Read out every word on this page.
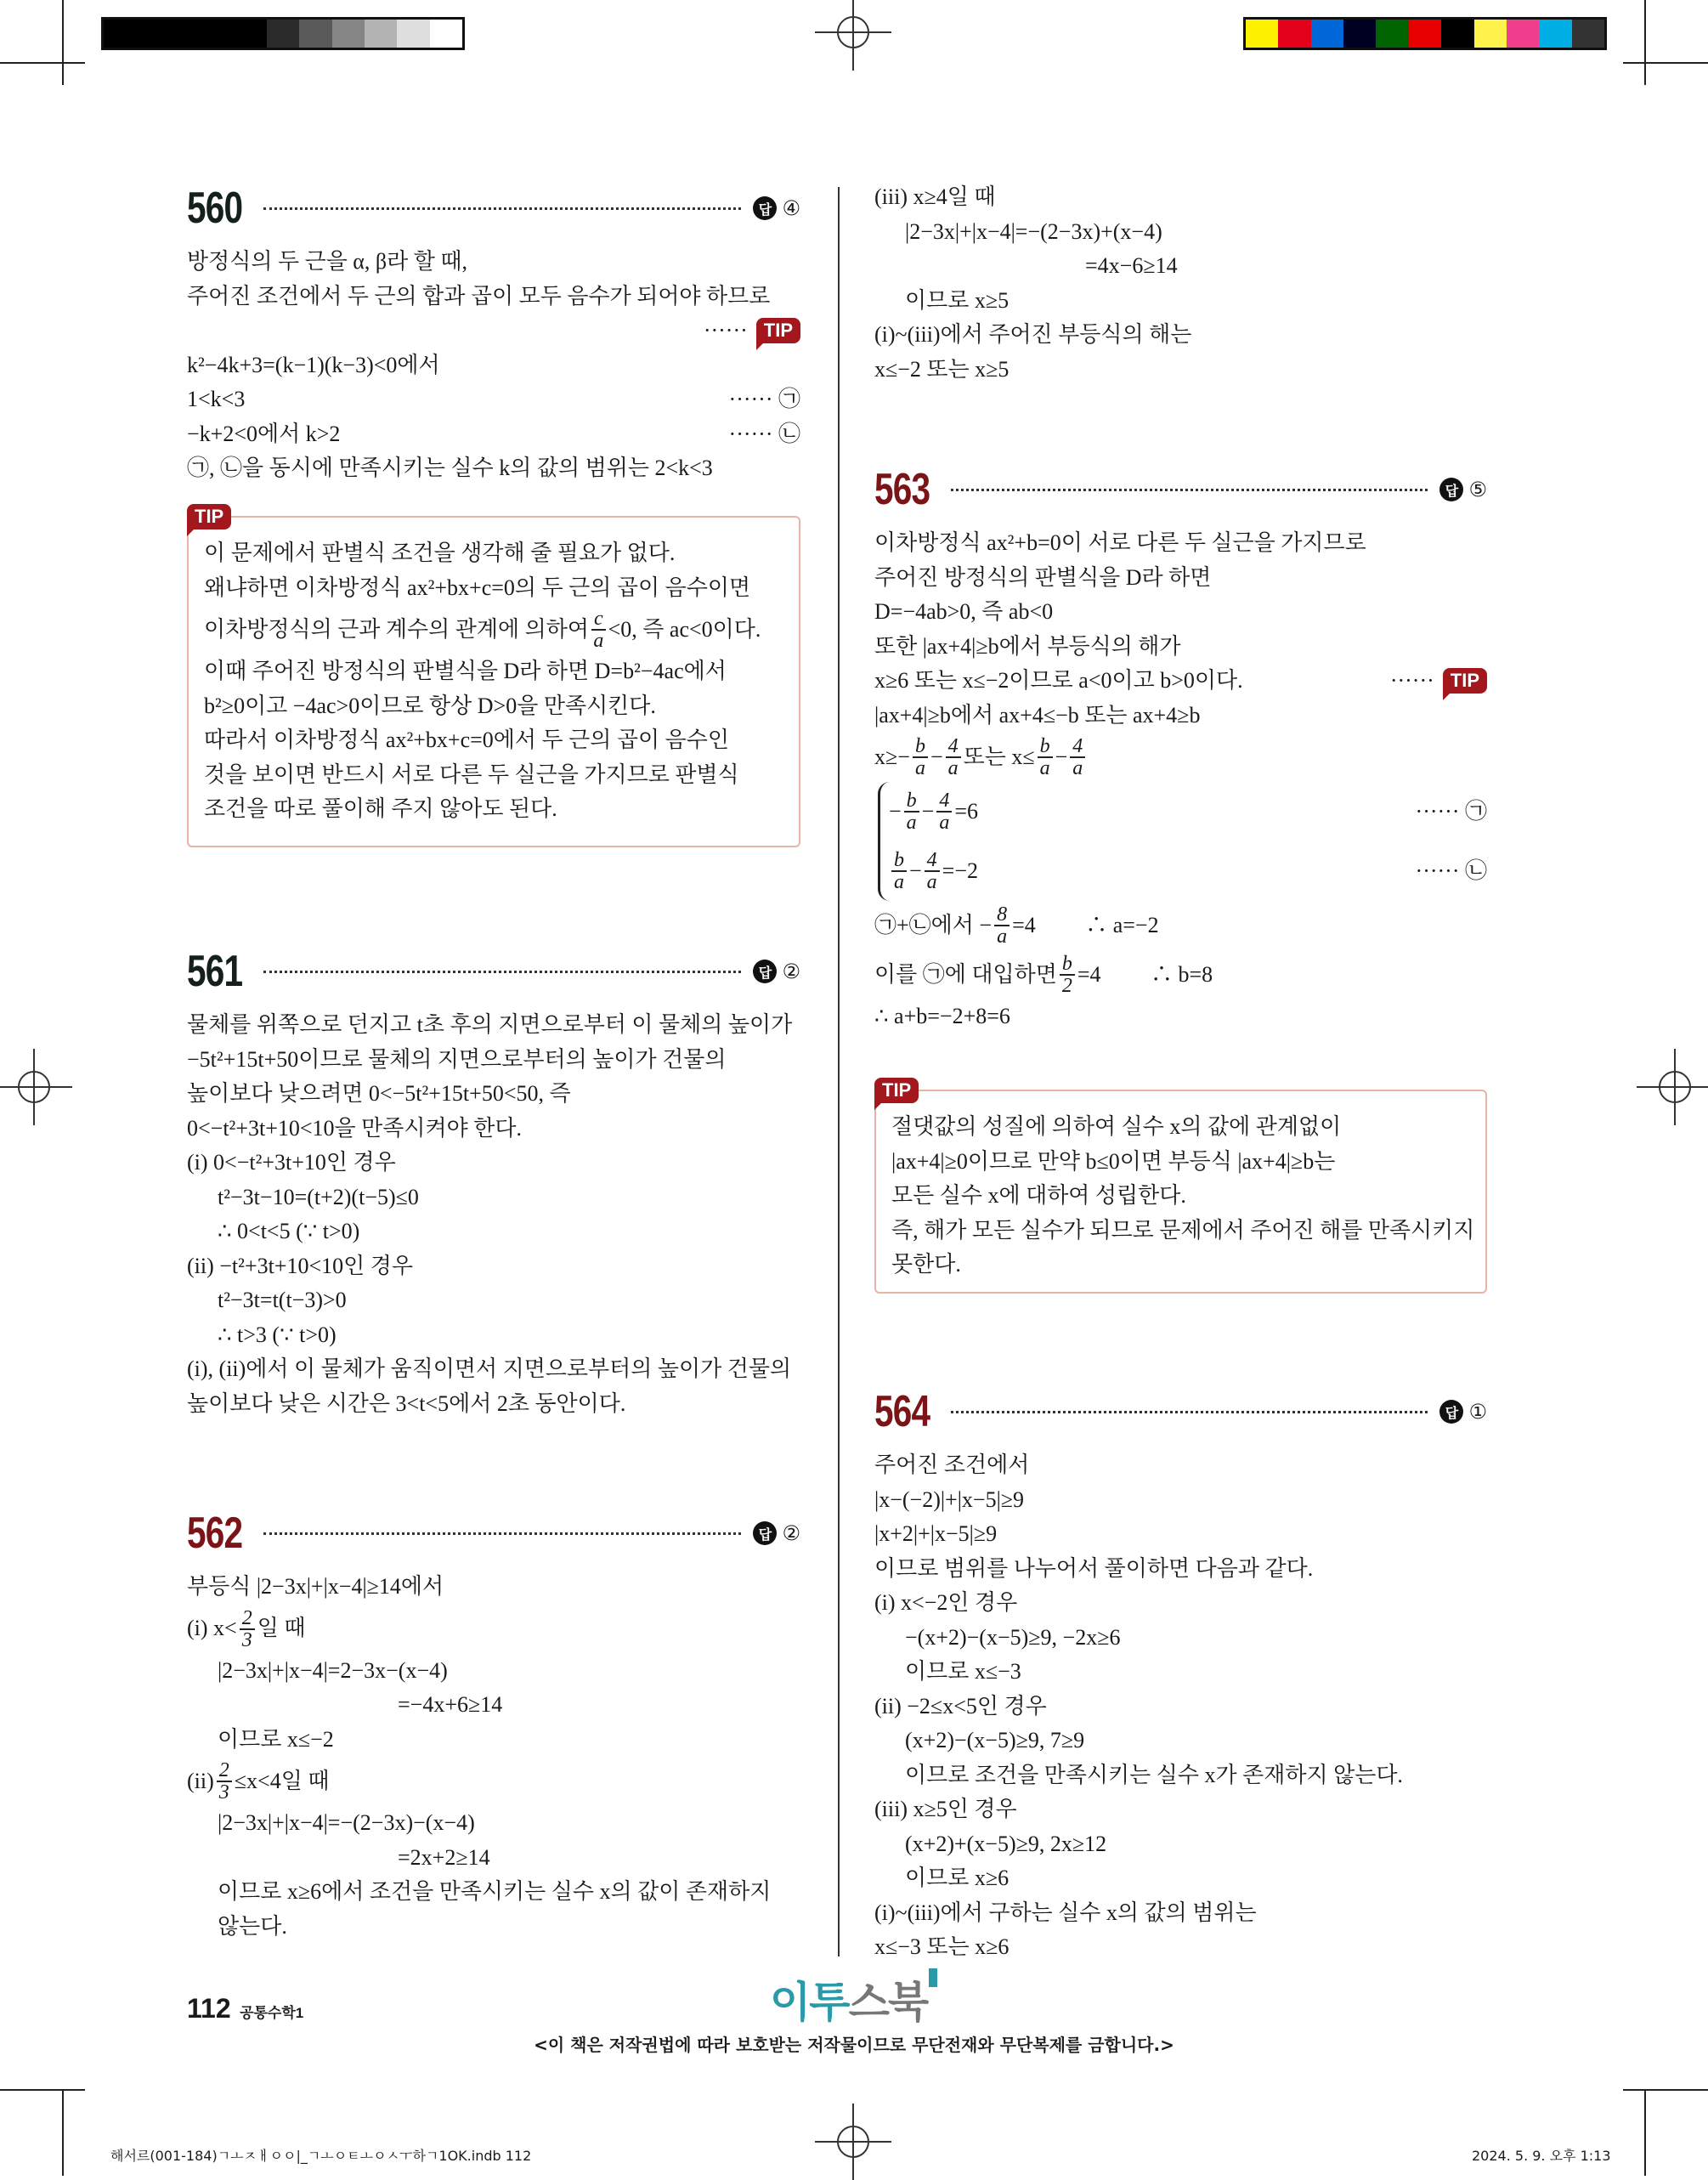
560	답 ④
방정식의 두 근을 α, β라 할 때,
주어진 조건에서 두 근의 합과 곱이 모두 음수가 되어야 하므로
······ TIP
k²−4k+3=(k−1)(k−3)<0에서
1<k<3	······ ㉠
−k+2<0에서 k>2	······ ㉡
㉠, ㉡을 동시에 만족시키는 실수 k의 값의 범위는 2<k<3
TIP
이 문제에서 판별식 조건을 생각해 줄 필요가 없다.
왜냐하면 이차방정식 ax²+bx+c=0의 두 근의 곱이 음수이면
이차방정식의 근과 계수의 관계에 의하여 $\frac{c}{a} <0$, 즉 ac<0이다.
이때 주어진 방정식의 판별식을 D라 하면 D=b²−4ac에서
b²≥0이고 −4ac>0이므로 항상 D>0을 만족시킨다.
따라서 이차방정식 ax²+bx+c=0에서 두 근의 곱이 음수인
것을 보이면 반드시 서로 다른 두 실근을 가지므로 판별식
조건을 따로 풀이해 주지 않아도 된다.
561	답 ②
물체를 위쪽으로 던지고 t초 후의 지면으로부터 이 물체의 높이가
−5t²+15t+50이므로 물체의 지면으로부터의 높이가 건물의
높이보다 낮으려면 0<−5t²+15t+50<50, 즉
0<−t²+3t+10<10을 만족시켜야 한다.
(i) 0<−t²+3t+10인 경우
t²−3t−10=(t+2)(t−5)≤0
∴ 0<t<5 (∵ t>0)
(ii) −t²+3t+10<10인 경우
t²−3t=t(t−3)>0
∴ t>3 (∵ t>0)
(i), (ii)에서 이 물체가 움직이면서 지면으로부터의 높이가 건물의
높이보다 낮은 시간은 3<t<5에서 2초 동안이다.
562	답 ②
부등식 |2−3x|+|x−4|≥14에서
(i) $x< \frac{2}{3}$ 일 때
|2−3x|+|x−4|=2−3x−(x−4)
=−4x+6≥14
이므로 x≤−2
$(ii) \frac{2}{3} \le x<4$일 때
|2−3x|+|x−4|=−(2−3x)−(x−4)
=2x+2≥14
이므로 x≥6에서 조건을 만족시키는 실수 x의 값이 존재하지
않는다.
(iii) x≥4일 때
|2−3x|+|x−4|=−(2−3x)+(x−4)
=4x−6≥14
이므로 x≥5
(i)~(iii)에서 주어진 부등식의 해는
x≤−2 또는 x≥5
563	답 ⑤
이차방정식 ax²+b=0이 서로 다른 두 실근을 가지므로
주어진 방정식의 판별식을 D라 하면
D=−4ab>0, 즉 ab<0
또한 |ax+4|≥b에서 부등식의 해가
x≥6 또는 x≤−2이므로 a<0이고 b>0이다.	······ TIP
|ax+4|≥b에서 ax+4≤−b 또는 ax+4≥b
$x\ge- \frac{b}{a} - \frac{4}{a}$ 또는 $x\le \frac{b}{a} - \frac{4}{a}$
− $\frac{b}{a} - \frac{4}{a} =6$	······ ㉠
$\frac{b}{a} - \frac{4}{a} =-2$	······ ㉡
㉠+㉡에서 − $\frac{8}{a} =4$　　 ∴ a=−2
이를 ㉠에 대입하면 $\frac{b}{2} =4$　　 ∴ b=8
∴ a+b=−2+8=6
TIP
절댓값의 성질에 의하여 실수 x의 값에 관계없이
|ax+4|≥0이므로 만약 b≤0이면 부등식 |ax+4|≥b는
모든 실수 x에 대하여 성립한다.
즉, 해가 모든 실수가 되므로 문제에서 주어진 해를 만족시키지
못한다.
564	답 ①
주어진 조건에서
|x−(−2)|+|x−5|≥9
|x+2|+|x−5|≥9
이므로 범위를 나누어서 풀이하면 다음과 같다.
(i) x<−2인 경우
−(x+2)−(x−5)≥9, −2x≥6
이므로 x≤−3
(ii) −2≤x<5인 경우
(x+2)−(x−5)≥9, 7≥9
이므로 조건을 만족시키는 실수 x가 존재하지 않는다.
(iii) x≥5인 경우
(x+2)+(x−5)≥9, 2x≥12
이므로 x≥6
(i)~(iii)에서 구하는 실수 x의 값의 범위는
x≤−3 또는 x≥6
112 공통수학1	이투스북
<이 책은 저작권법에 따라 보호받는 저작물이므로 무단전재와 무단복제를 금합니다.>
해서르(001-184)ㄱㅗㅈㅐㅇㅇ|_ㄱㅗㅇㅌㅗㅇㅅㅜ하ㄱ1OK.indb 112	2024. 5. 9. 오후 1:13
